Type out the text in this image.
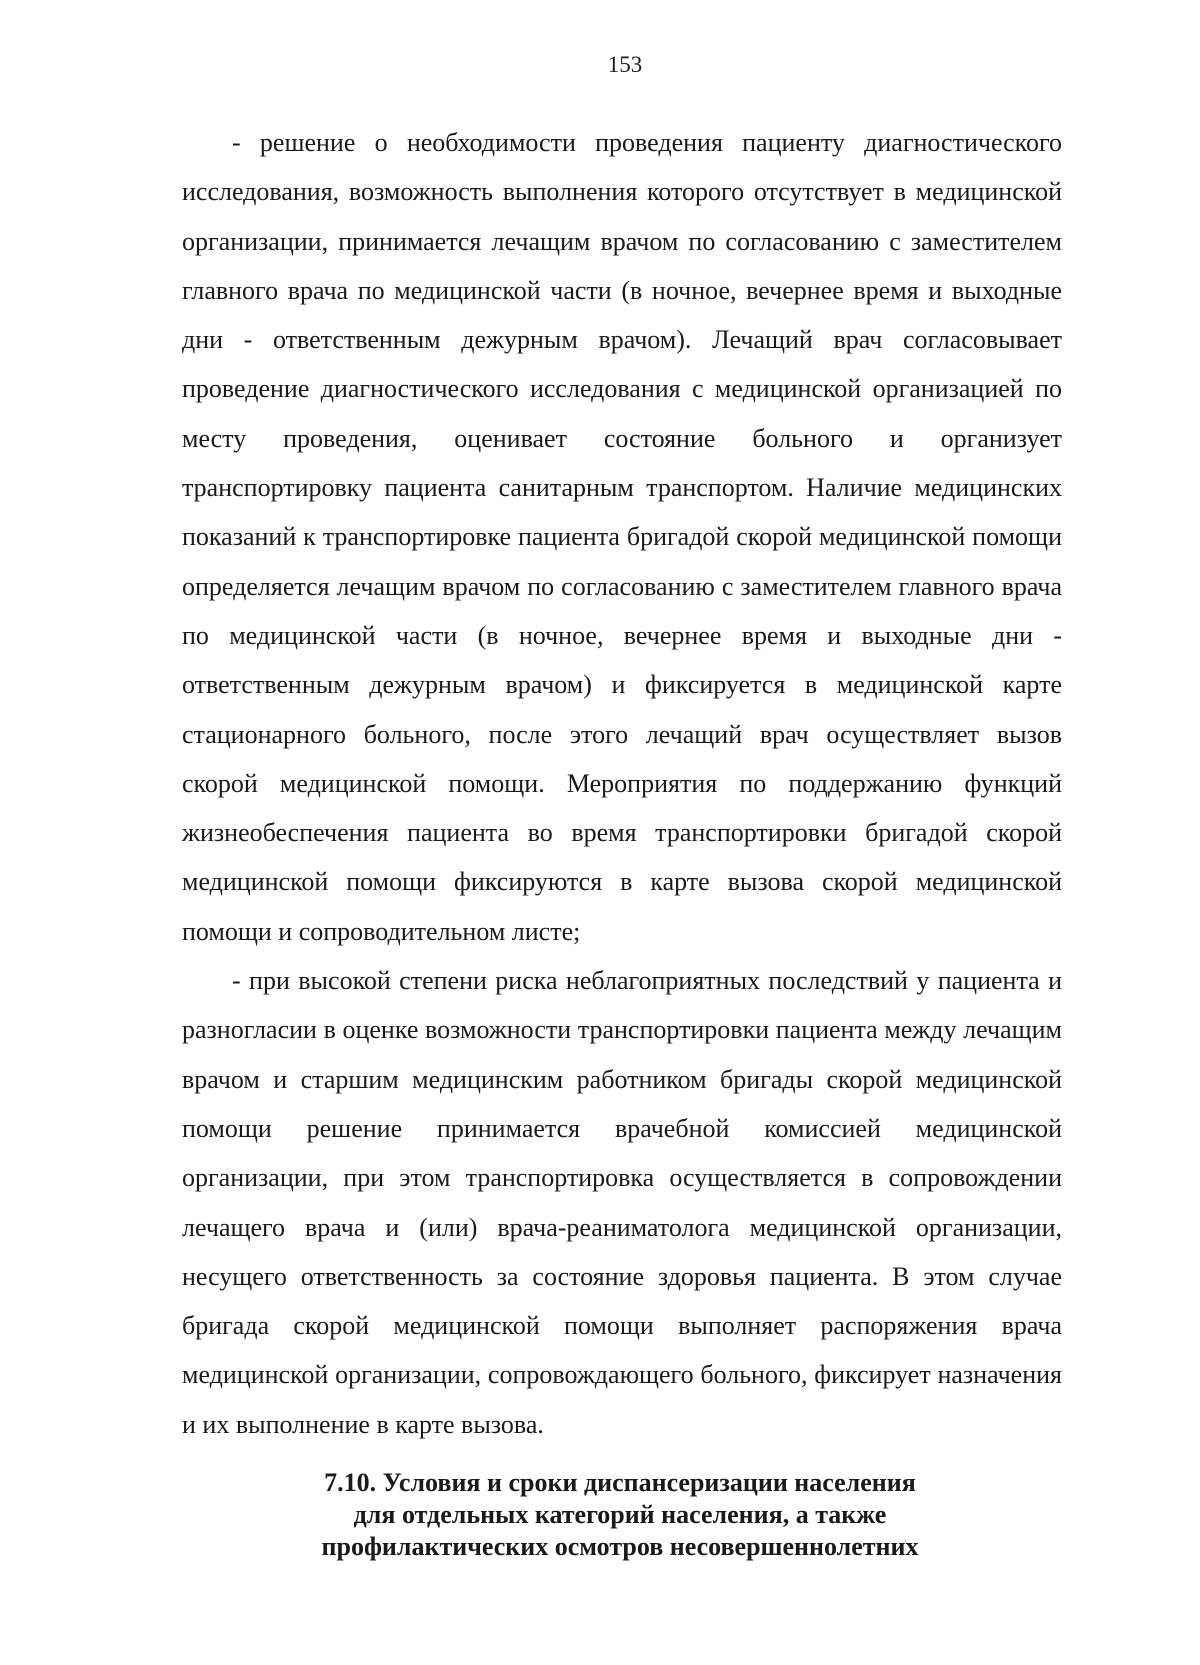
153

- решение о необходимости проведения пациенту диагностического исследования, возможность выполнения которого отсутствует в медицинской организации, принимается лечащим врачом по согласованию с заместителем главного врача по медицинской части (в ночное, вечернее время и выходные дни - ответственным дежурным врачом). Лечащий врач согласовывает проведение диагностического исследования с медицинской организацией по месту проведения, оценивает состояние больного и организует транспортировку пациента санитарным транспортом. Наличие медицинских показаний к транспортировке пациента бригадой скорой медицинской помощи определяется лечащим врачом по согласованию с заместителем главного врача по медицинской части (в ночное, вечернее время и выходные дни - ответственным дежурным врачом) и фиксируется в медицинской карте стационарного больного, после этого лечащий врач осуществляет вызов скорой медицинской помощи. Мероприятия по поддержанию функций жизнеобеспечения пациента во время транспортировки бригадой скорой медицинской помощи фиксируются в карте вызова скорой медицинской помощи и сопроводительном листе;

- при высокой степени риска неблагоприятных последствий у пациента и разногласии в оценке возможности транспортировки пациента между лечащим врачом и старшим медицинским работником бригады скорой медицинской помощи решение принимается врачебной комиссией медицинской организации, при этом транспортировка осуществляется в сопровождении лечащего врача и (или) врача-реаниматолога медицинской организации, несущего ответственность за состояние здоровья пациента. В этом случае бригада скорой медицинской помощи выполняет распоряжения врача медицинской организации, сопровождающего больного, фиксирует назначения и их выполнение в карте вызова.

7.10. Условия и сроки диспансеризации населения
для отдельных категорий населения, а также
профилактических осмотров несовершеннолетних
